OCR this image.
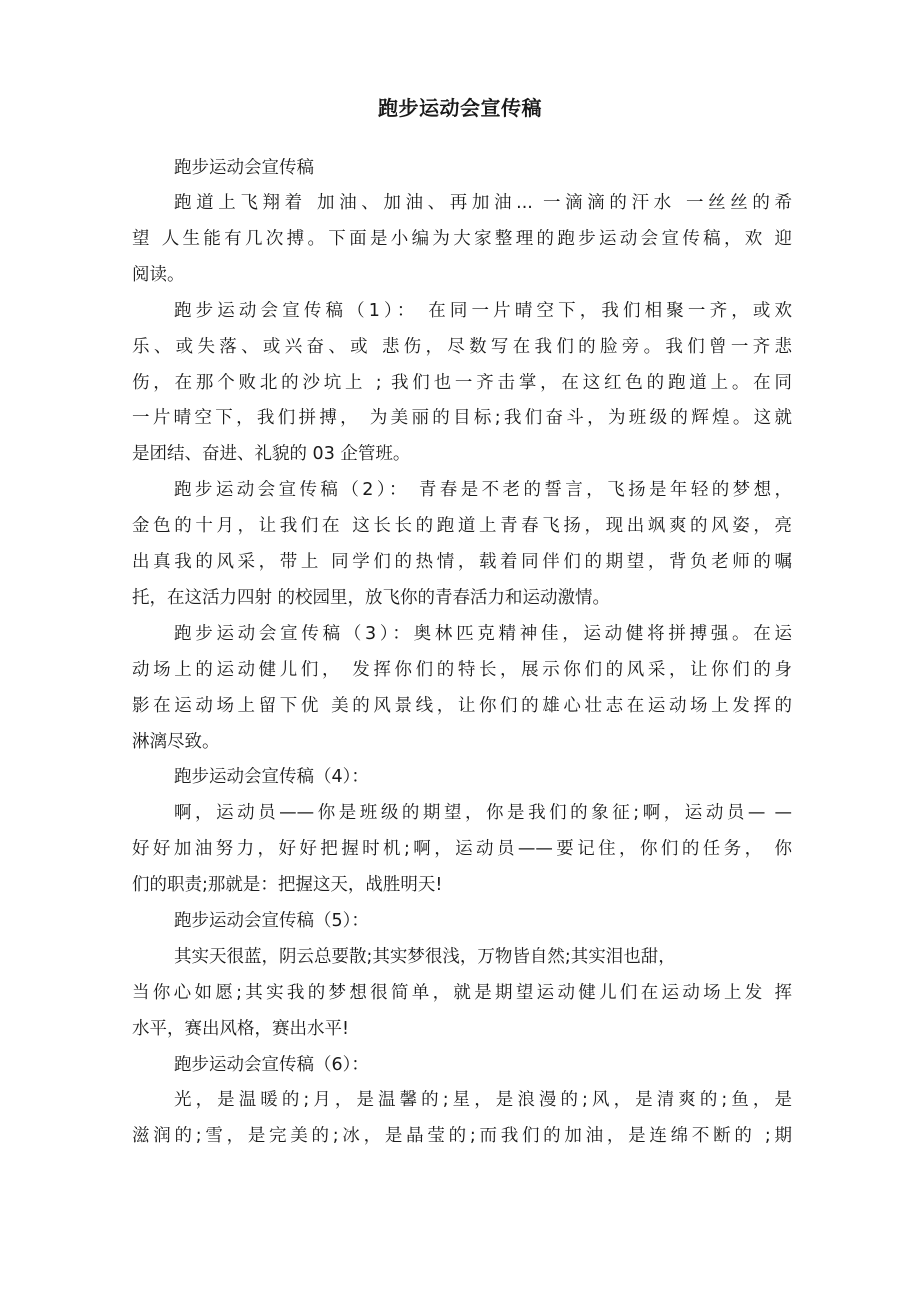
跑步运动会宣传稿
跑步运动会宣传稿
跑道上飞翔着 加油、加油、再加油... 一滴滴的汗水 一丝丝的希
望 人生能有几次搏。下面是小编为大家整理的跑步运动会宣传稿，欢 迎
阅读。
跑步运动会宣传稿（1）： 在同一片晴空下，我们相聚一齐，或欢
乐、或失落、或兴奋、或 悲伤，尽数写在我们的脸旁。我们曾一齐悲
伤，在那个败北的沙坑上 ; 我们也一齐击掌，在这红色的跑道上。在同
一片晴空下，我们拼搏， 为美丽的目标;我们奋斗，为班级的辉煌。这就
是团结、奋进、礼貌的 03 企管班。
跑步运动会宣传稿（2）： 青春是不老的誓言，飞扬是年轻的梦想，
金色的十月，让我们在 这长长的跑道上青春飞扬，现出飒爽的风姿，亮
出真我的风采，带上 同学们的热情，载着同伴们的期望，背负老师的嘱
托，在这活力四射 的校园里，放飞你的青春活力和运动激情。
跑步运动会宣传稿（3）：奥林匹克精神佳，运动健将拼搏强。在运
动场上的运动健儿们， 发挥你们的特长，展示你们的风采，让你们的身
影在运动场上留下优 美的风景线，让你们的雄心壮志在运动场上发挥的
淋漓尽致。
跑步运动会宣传稿（4）：
啊，运动员——你是班级的期望，你是我们的象征;啊，运动员— —
好好加油努力，好好把握时机;啊，运动员——要记住，你们的任务， 你
们的职责;那就是：把握这天，战胜明天!
跑步运动会宣传稿（5）：
其实天很蓝，阴云总要散;其实梦很浅，万物皆自然;其实泪也甜，
当你心如愿;其实我的梦想很简单，就是期望运动健儿们在运动场上发 挥
水平，赛出风格，赛出水平!
跑步运动会宣传稿（6）：
光，是温暖的;月，是温馨的;星，是浪漫的;风，是清爽的;鱼，是
滋润的;雪，是完美的;冰，是晶莹的;而我们的加油，是连绵不断的 ;期
